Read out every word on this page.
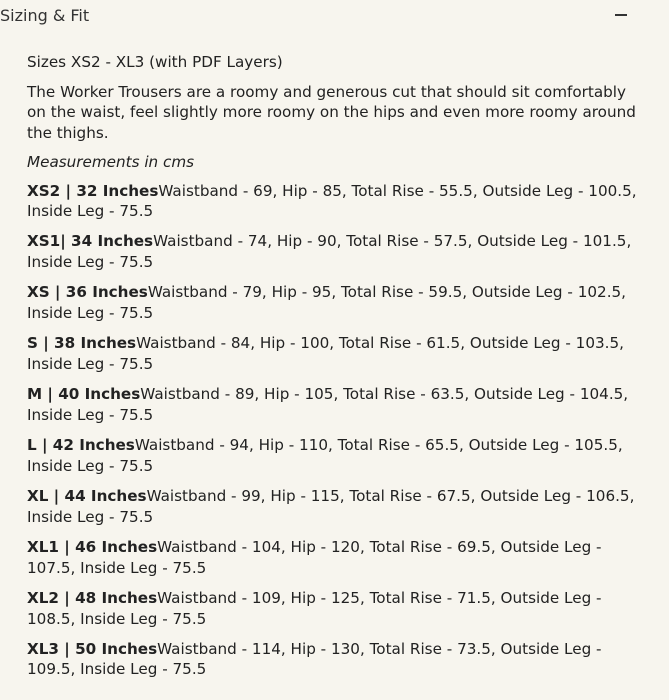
Sizing & Fit

Sizes XS2 - XL3 (with PDF Layers)

The Worker Trousers are a roomy and generous cut that should sit comfortably on the waist, feel slightly more roomy on the hips and even more roomy around the thighs.

Measurements in cms

XS2 | 32 InchesWaistband - 69, Hip - 85, Total Rise - 55.5, Outside Leg - 100.5, Inside Leg - 75.5

XS1| 34 InchesWaistband - 74, Hip - 90, Total Rise - 57.5, Outside Leg - 101.5, Inside Leg - 75.5

XS | 36 InchesWaistband - 79, Hip - 95, Total Rise - 59.5, Outside Leg - 102.5, Inside Leg - 75.5

S | 38 InchesWaistband - 84, Hip - 100, Total Rise - 61.5, Outside Leg - 103.5, Inside Leg - 75.5

M | 40 InchesWaistband - 89, Hip - 105, Total Rise - 63.5, Outside Leg - 104.5, Inside Leg - 75.5

L | 42 InchesWaistband - 94, Hip - 110, Total Rise - 65.5, Outside Leg - 105.5, Inside Leg - 75.5

XL | 44 InchesWaistband - 99, Hip - 115, Total Rise - 67.5, Outside Leg - 106.5, Inside Leg - 75.5

XL1 | 46 InchesWaistband - 104, Hip - 120, Total Rise - 69.5, Outside Leg - 107.5, Inside Leg - 75.5

XL2 | 48 InchesWaistband - 109, Hip - 125, Total Rise - 71.5, Outside Leg - 108.5, Inside Leg - 75.5

XL3 | 50 InchesWaistband - 114, Hip - 130, Total Rise - 73.5, Outside Leg - 109.5, Inside Leg - 75.5
